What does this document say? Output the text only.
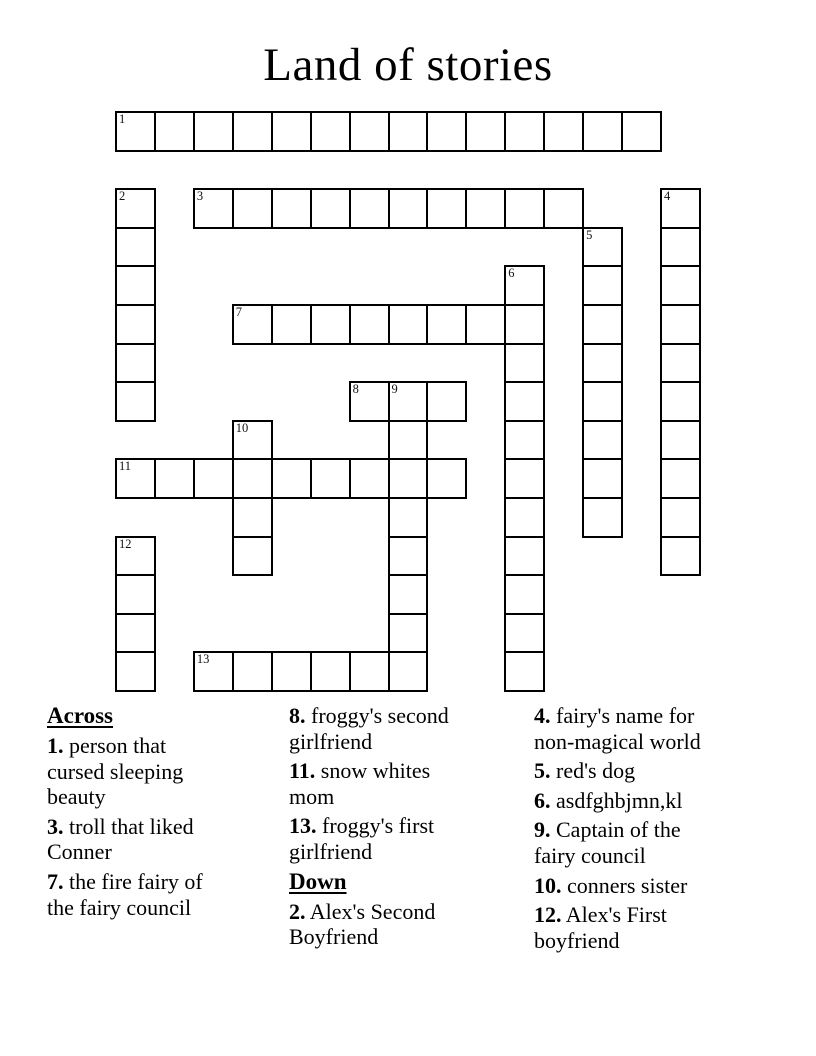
Land of stories
1
2	3	4
5
6
7
8	9
10
11
12
13
Across
1. person that
cursed sleeping
beauty
3. troll that liked
Conner
7. the fire fairy of
the fairy council
8. froggy's second
girlfriend
11. snow whites
mom
13. froggy's first
girlfriend
Down
2. Alex's Second
Boyfriend
4. fairy's name for
non-magical world
5. red's dog
6. asdfghbjmn,kl
9. Captain of the
fairy council
10. conners sister
12. Alex's First
boyfriend
